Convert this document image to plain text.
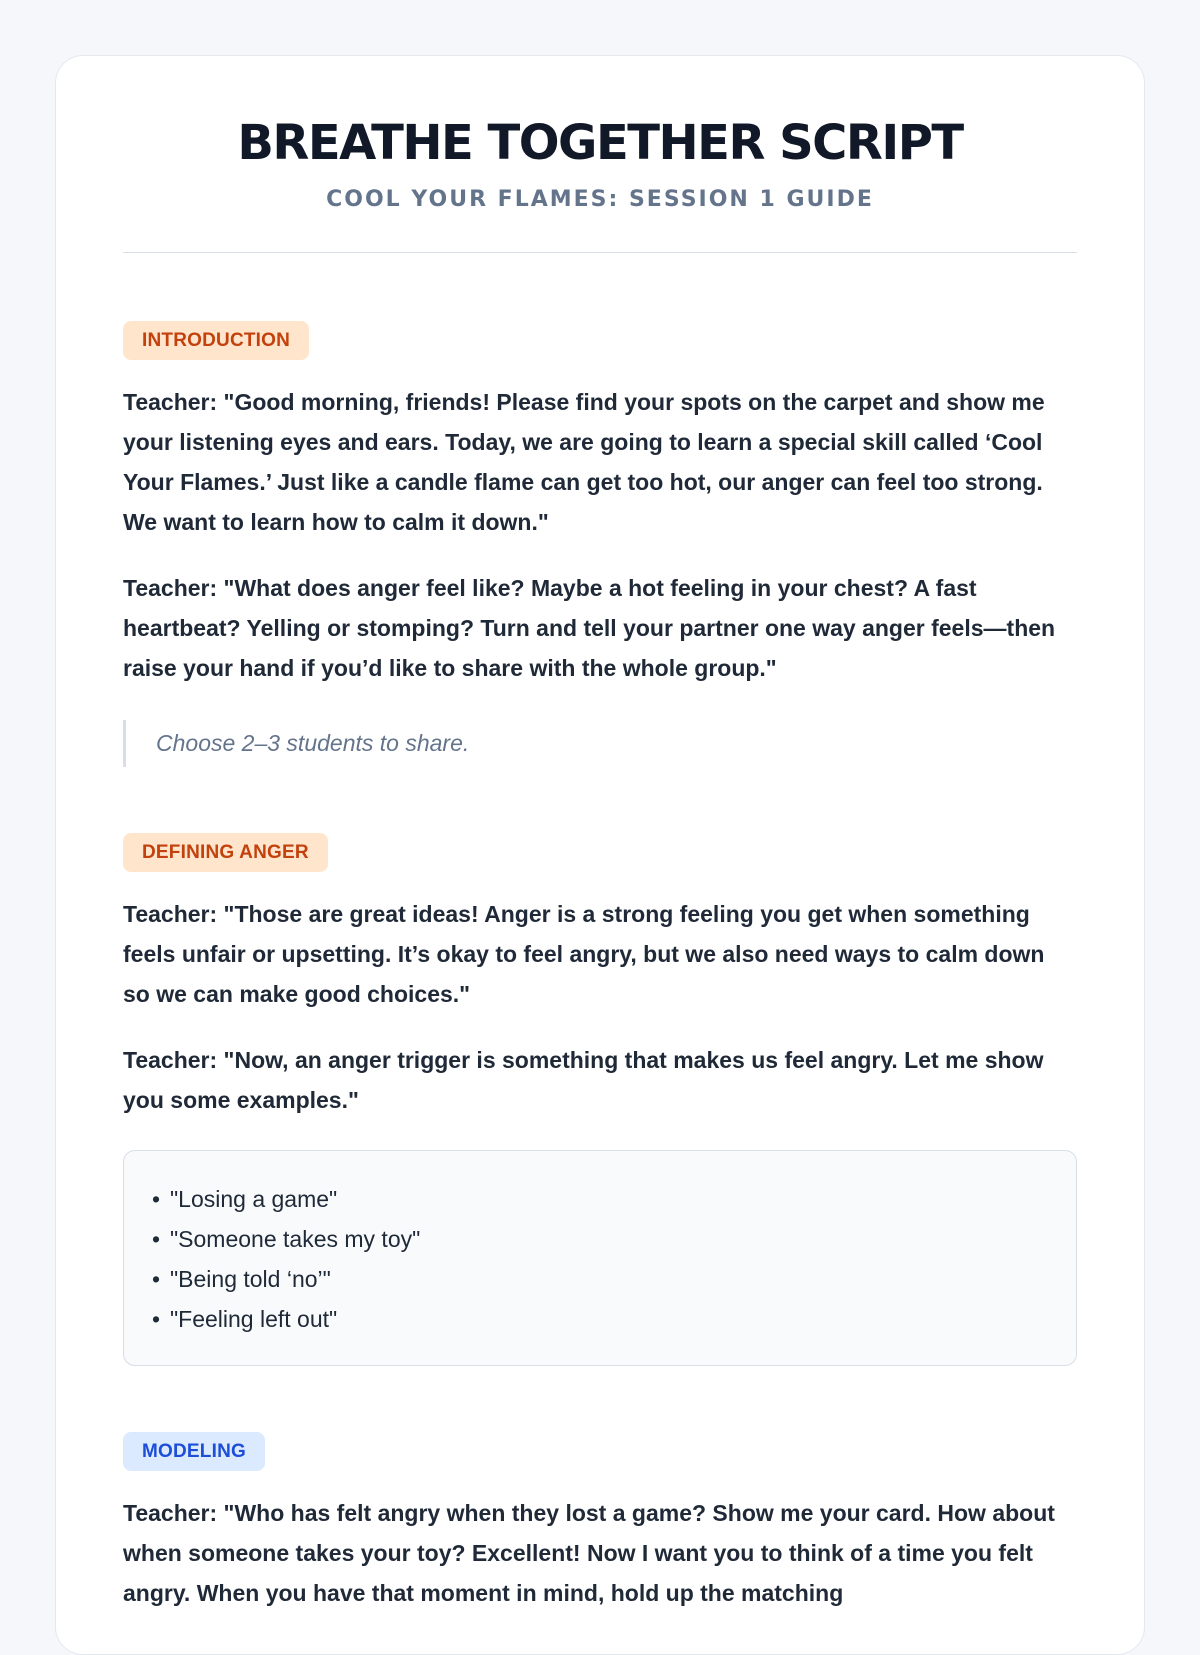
BREATHE TOGETHER SCRIPT
COOL YOUR FLAMES: SESSION 1 GUIDE
INTRODUCTION

Teacher: "Good morning, friends! Please find your spots on the carpet and show me your listening eyes and ears. Today, we are going to learn a special skill called ‘Cool Your Flames.’ Just like a candle flame can get too hot, our anger can feel too strong. We want to learn how to calm it down."

Teacher: "What does anger feel like? Maybe a hot feeling in your chest? A fast heartbeat? Yelling or stomping? Turn and tell your partner one way anger feels—then raise your hand if you’d like to share with the whole group."

Choose 2–3 students to share.
DEFINING ANGER

Teacher: "Those are great ideas! Anger is a strong feeling you get when something feels unfair or upsetting. It’s okay to feel angry, but we also need ways to calm down so we can make good choices."

Teacher: "Now, an anger trigger is something that makes us feel angry. Let me show you some examples."

• "Losing a game"
• "Someone takes my toy"
• "Being told ‘no’"
• "Feeling left out"
MODELING

Teacher: "Who has felt angry when they lost a game? Show me your card. How about when someone takes your toy? Excellent! Now I want you to think of a time you felt angry. When you have that moment in mind, hold up the matching
